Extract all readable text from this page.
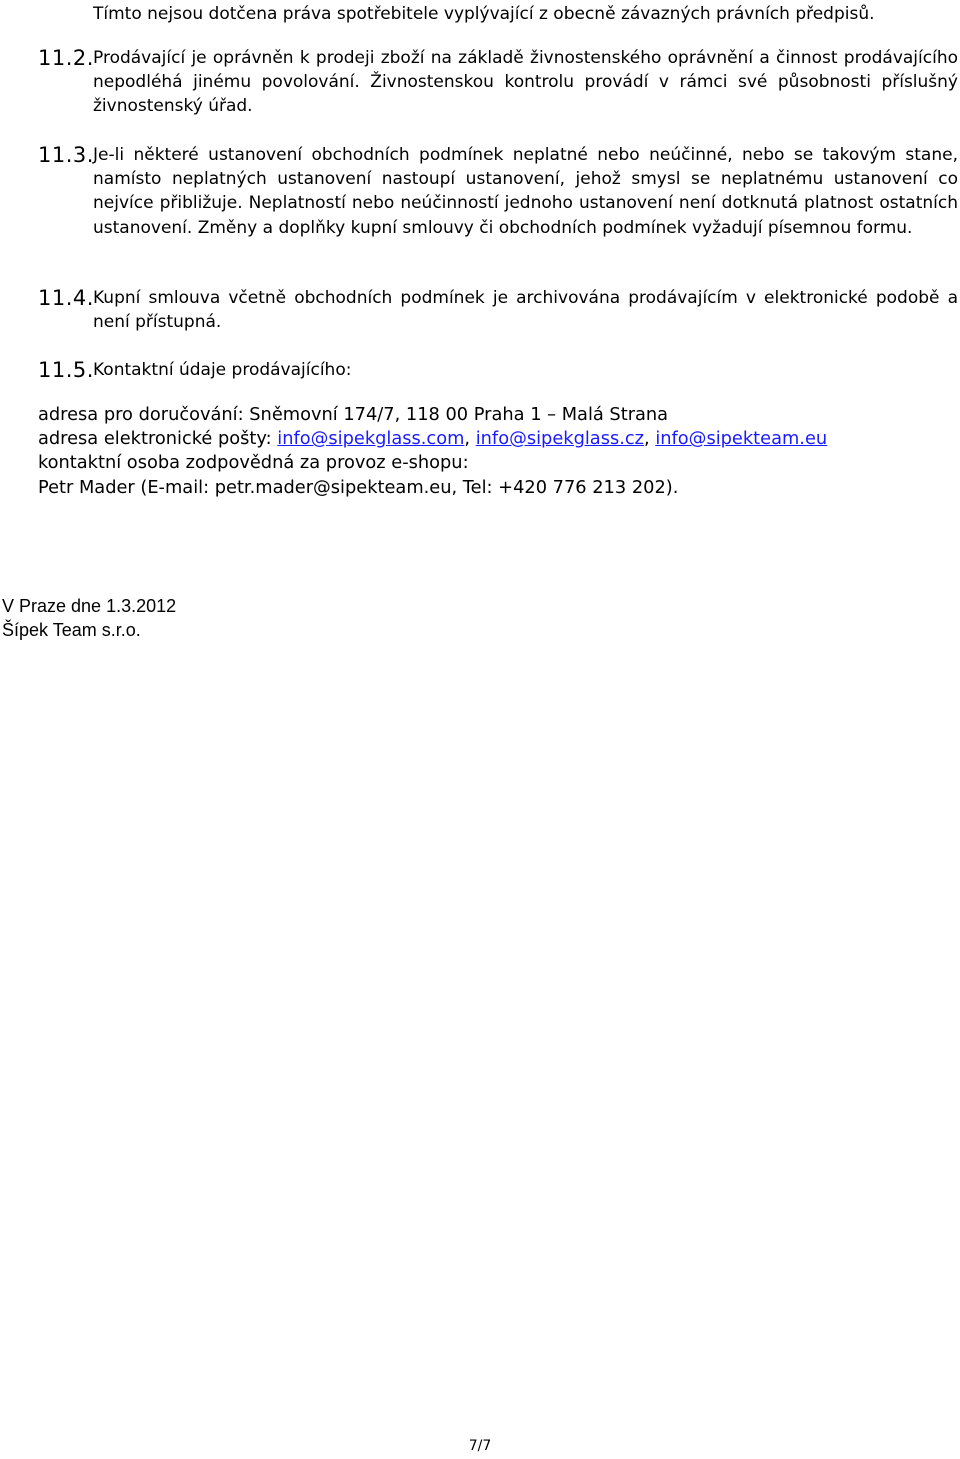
Tímto nejsou dotčena práva spotřebitele vyplývající z obecně závazných právních předpisů.
11.2. Prodávající je oprávněn k prodeji zboží na základě živnostenského oprávnění a činnost prodávajícího nepodléhá jinému povolování. Živnostenskou kontrolu provádí v rámci své působnosti příslušný živnostenský úřad.
11.3. Je-li některé ustanovení obchodních podmínek neplatné nebo neúčinné, nebo se takovým stane, namísto neplatných ustanovení nastoupí ustanovení, jehož smysl se neplatnému ustanovení co nejvíce přibližuje. Neplatností nebo neúčinností jednoho ustanovení není dotknutá platnost ostatních ustanovení. Změny a doplňky kupní smlouvy či obchodních podmínek vyžadují písemnou formu.
11.4. Kupní smlouva včetně obchodních podmínek je archivována prodávajícím v elektronické podobě a není přístupná.
11.5. Kontaktní údaje prodávajícího:
adresa pro doručování: Sněmovní 174/7, 118 00 Praha 1 – Malá Strana
adresa elektronické pošty: info@sipekglass.com, info@sipekglass.cz, info@sipekteam.eu
kontaktní osoba zodpovědná za provoz e-shopu:
Petr Mader (E-mail: petr.mader@sipekteam.eu, Tel: +420 776 213 202).
V Praze dne 1.3.2012
Šípek Team s.r.o.
7/7
